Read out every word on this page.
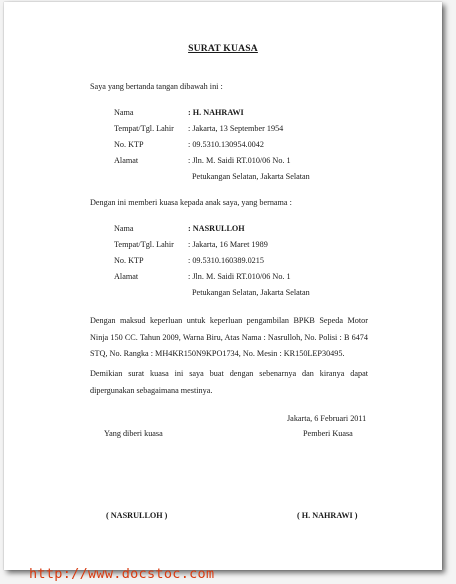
SURAT KUASA
Saya yang bertanda tangan dibawah ini :
Nama	: H. NAHRAWI
Tempat/Tgl. Lahir : Jakarta, 13 September 1954
No. KTP	: 09.5310.130954.0042
Alamat	: Jln. M. Saidi RT.010/06 No. 1
Petukangan Selatan, Jakarta Selatan
Dengan ini memberi kuasa kepada anak saya, yang bernama :
Nama	: NASRULLOH
Tempat/Tgl. Lahir : Jakarta, 16 Maret 1989
No. KTP	: 09.5310.160389.0215
Alamat	: Jln. M. Saidi RT.010/06 No. 1
Petukangan Selatan, Jakarta Selatan
Dengan maksud keperluan untuk keperluan pengambilan BPKB Sepeda Motor Ninja 150 CC. Tahun 2009, Warna Biru, Atas Nama : Nasrulloh, No. Polisi : B 6474 STQ, No. Rangka : MH4KR150N9KPO1734, No. Mesin : KR150LEP30495.
Demikian surat kuasa ini saya buat dengan sebenarnya dan kiranya dapat dipergunakan sebagaimana mestinya.
Jakarta, 6 Februari 2011
Yang diberi kuasa	Pemberi Kuasa
( NASRULLOH )	( H. NAHRAWI )
http://www.docstoc.com
